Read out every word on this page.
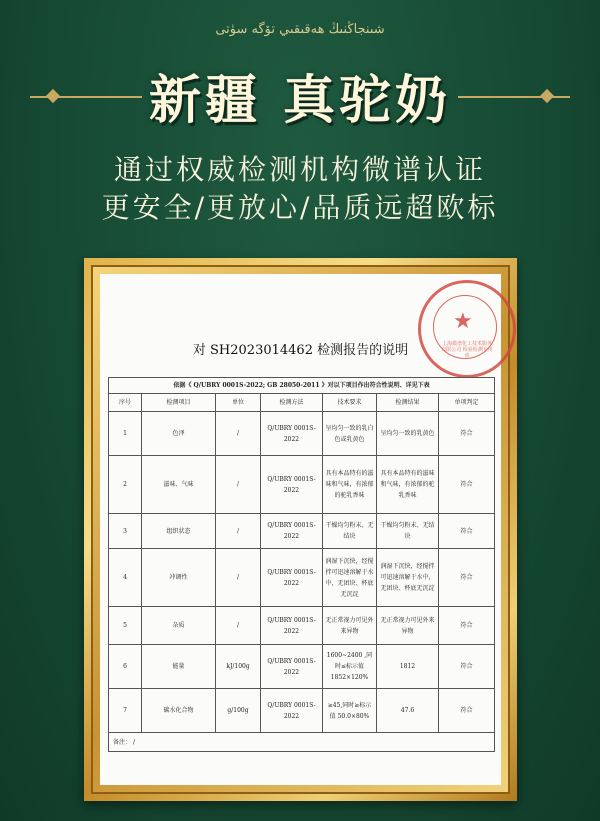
شىنجاڭنىڭ ھەقىقىي تۆگە سۈتى
新疆 真驼奶
通过权威检测机构微谱认证
更安全/更放心/品质远超欧标
★
上海微谱化工技术服务有限公司 检验检测专用章
对 SH2023014462 检测报告的说明
依据《 Q/UBRY 0001S-2022; GB 28050-2011 》对以下项目作出符合性说明、详见下表						
序号	检测项目	单位	检测方法	技术要求	检测结果	单项判定
1	色泽	/	Q/UBRY 0001S-2022	呈均匀一致的乳白色或乳黄色	呈均匀一致的乳黄色	符合
2	滋味、气味	/	Q/UBRY 0001S-2022	具有本品特有的滋味和气味，有浓郁的驼乳香味	具有本品特有的滋味和气味，有浓郁的驼乳香味	符合
3	组织状态	/	Q/UBRY 0001S-2022	干燥均匀粉末、无结块	干燥均匀粉末、无结块	符合
4	冲调性	/	Q/UBRY 0001S-2022	润湿下沉快，经搅拌可迅速溶解于水中，无团块、杯底无沉淀	润湿下沉快，经搅拌可迅速溶解于水中，无团块、杯底无沉淀	符合
5	杂质	/	Q/UBRY 0001S-2022	无正常视力可见外来异物	无正常视力可见外来异物	符合
6	能量	kJ/100g	Q/UBRY 0001S-2022	1600~2400 ,同时≤标示值1852×120%	1812	符合
7	碳水化合物	g/100g	Q/UBRY 0001S-2022	≥45,同时≥标示值 50.0×80%	47.6	符合
备注： /						
